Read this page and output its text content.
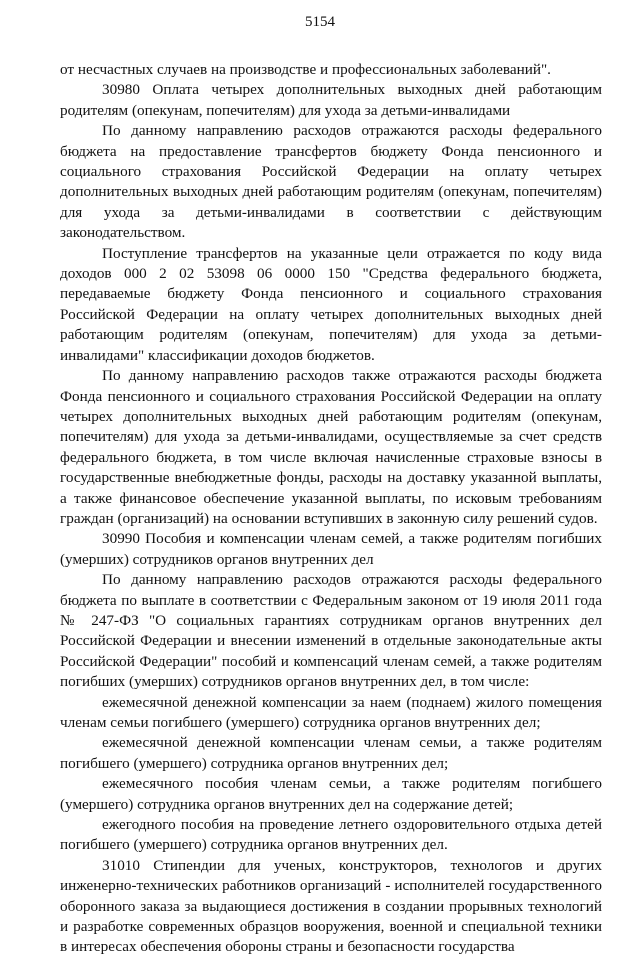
5154

от несчастных случаев на производстве и профессиональных заболеваний".

30980 Оплата четырех дополнительных выходных дней работающим родителям (опекунам, попечителям) для ухода за детьми-инвалидами

По данному направлению расходов отражаются расходы федерального бюджета на предоставление трансфертов бюджету Фонда пенсионного и социального страхования Российской Федерации на оплату четырех дополнительных выходных дней работающим родителям (опекунам, попечителям) для ухода за детьми-инвалидами в соответствии с действующим законодательством.

Поступление трансфертов на указанные цели отражается по коду вида доходов 000 2 02 53098 06 0000 150 "Средства федерального бюджета, передаваемые бюджету Фонда пенсионного и социального страхования Российской Федерации на оплату четырех дополнительных выходных дней работающим родителям (опекунам, попечителям) для ухода за детьми-инвалидами" классификации доходов бюджетов.

По данному направлению расходов также отражаются расходы бюджета Фонда пенсионного и социального страхования Российской Федерации на оплату четырех дополнительных выходных дней работающим родителям (опекунам, попечителям) для ухода за детьми-инвалидами, осуществляемые за счет средств федерального бюджета, в том числе включая начисленные страховые взносы в государственные внебюджетные фонды, расходы на доставку указанной выплаты, а также финансовое обеспечение указанной выплаты, по исковым требованиям граждан (организаций) на основании вступивших в законную силу решений судов.

30990 Пособия и компенсации членам семей, а также родителям погибших (умерших) сотрудников органов внутренних дел

По данному направлению расходов отражаются расходы федерального бюджета по выплате в соответствии с Федеральным законом от 19 июля 2011 года № 247-ФЗ "О социальных гарантиях сотрудникам органов внутренних дел Российской Федерации и внесении изменений в отдельные законодательные акты Российской Федерации" пособий и компенсаций членам семей, а также родителям погибших (умерших) сотрудников органов внутренних дел, в том числе:

ежемесячной денежной компенсации за наем (поднаем) жилого помещения членам семьи погибшего (умершего) сотрудника органов внутренних дел;

ежемесячной денежной компенсации членам семьи, а также родителям погибшего (умершего) сотрудника органов внутренних дел;

ежемесячного пособия членам семьи, а также родителям погибшего (умершего) сотрудника органов внутренних дел на содержание детей;

ежегодного пособия на проведение летнего оздоровительного отдыха детей погибшего (умершего) сотрудника органов внутренних дел.

31010 Стипендии для ученых, конструкторов, технологов и других инженерно-технических работников организаций - исполнителей государственного оборонного заказа за выдающиеся достижения в создании прорывных технологий и разработке современных образцов вооружения, военной и специальной техники в интересах обеспечения обороны страны и безопасности государства
